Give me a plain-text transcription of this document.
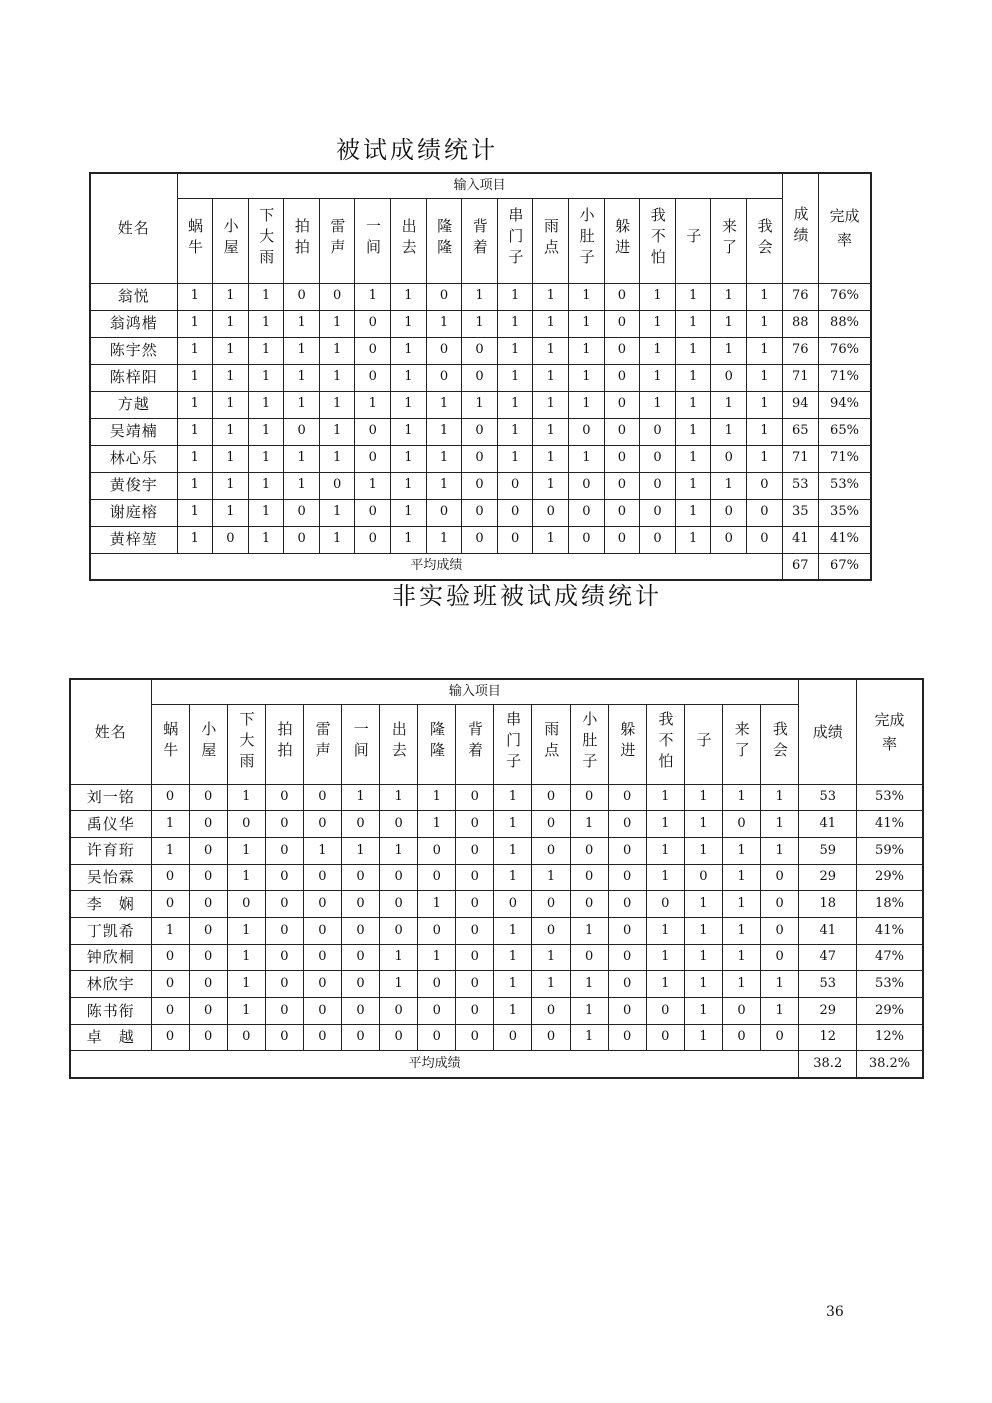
被试成绩统计
姓名	输入项目																	成绩	完成率
	蜗牛	小屋	下大雨	拍拍	雷声	一间	出去	隆隆	背着	串门子	雨点	小肚子	躲进	我不怕	子	来了	我会		
翁悦	1	1	1	0	0	1	1	0	1	1	1	1	0	1	1	1	1	76	76%
翁鸿楷	1	1	1	1	1	0	1	1	1	1	1	1	0	1	1	1	1	88	88%
陈宇然	1	1	1	1	1	0	1	0	0	1	1	1	0	1	1	1	1	76	76%
陈梓阳	1	1	1	1	1	0	1	0	0	1	1	1	0	1	1	0	1	71	71%
方越	1	1	1	1	1	1	1	1	1	1	1	1	0	1	1	1	1	94	94%
吴靖楠	1	1	1	0	1	0	1	1	0	1	1	0	0	0	1	1	1	65	65%
林心乐	1	1	1	1	1	0	1	1	0	1	1	1	0	0	1	0	1	71	71%
黄俊宇	1	1	1	1	0	1	1	1	0	0	1	0	0	0	1	1	0	53	53%
谢庭榕	1	1	1	0	1	0	1	0	0	0	0	0	0	0	1	0	0	35	35%
黄梓堃	1	0	1	0	1	0	1	1	0	0	1	0	0	0	1	0	0	41	41%
平均成绩																		67	67%
非实验班被试成绩统计
姓名	输入项目																	成绩	完成率
	蜗牛	小屋	下大雨	拍拍	雷声	一间	出去	隆隆	背着	串门子	雨点	小肚子	躲进	我不怕	子	来了	我会		
刘一铭	0	0	1	0	0	1	1	1	0	1	0	0	0	1	1	1	1	53	53%
禹仪华	1	0	0	0	0	0	0	1	0	1	0	1	0	1	1	0	1	41	41%
许育珩	1	0	1	0	1	1	1	0	0	1	0	0	0	1	1	1	1	59	59%
吴怡霖	0	0	1	0	0	0	0	0	0	1	1	0	0	1	0	1	0	29	29%
李　娴	0	0	0	0	0	0	0	1	0	0	0	0	0	0	1	1	0	18	18%
丁凯希	1	0	1	0	0	0	0	0	0	1	0	1	0	1	1	1	0	41	41%
钟欣桐	0	0	1	0	0	0	1	1	0	1	1	0	0	1	1	1	0	47	47%
林欣宇	0	0	1	0	0	0	1	0	0	1	1	1	0	1	1	1	1	53	53%
陈书衔	0	0	1	0	0	0	0	0	0	1	0	1	0	0	1	0	1	29	29%
卓　越	0	0	0	0	0	0	0	0	0	0	0	1	0	0	1	0	0	12	12%
平均成绩																		38.2	38.2%
36
